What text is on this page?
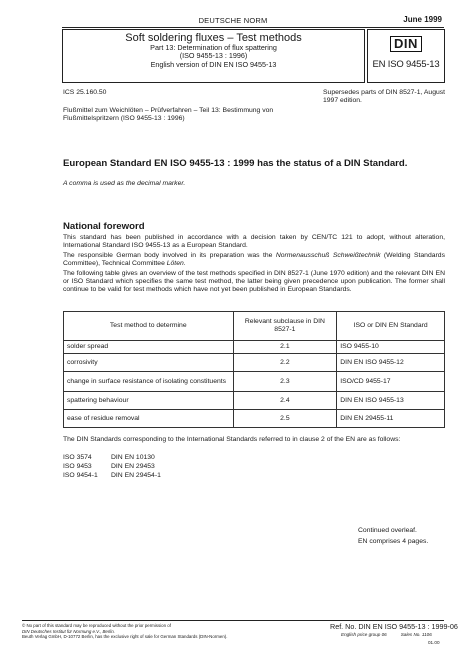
DEUTSCHE NORM	June 1999
Soft soldering fluxes – Test methods
Part 13: Determination of flux spattering
(ISO 9455-13 : 1996)
English version of DIN EN ISO 9455-13
DIN
EN ISO 9455-13
ICS 25.160.50	Supersedes parts of DIN 8527-1, August 1997 edition.
Flußmittel zum Weichlöten – Prüfverfahren – Teil 13: Bestimmung von Flußmittelspritzern (ISO 9455-13 : 1996)
European Standard EN ISO 9455-13 : 1999 has the status of a DIN Standard.
A comma is used as the decimal marker.
National foreword
This standard has been published in accordance with a decision taken by CEN/TC 121 to adopt, without alteration, International Standard ISO 9455-13 as a European Standard.
The responsible German body involved in its preparation was the Normenausschuß Schweißtechnik (Welding Standards Committee), Technical Committee Löten.
The following table gives an overview of the test methods specified in DIN 8527-1 (June 1970 edition) and the relevant DIN EN or ISO Standard which specifies the same test method, the latter being given precedence upon publication. The former shall continue to be valid for test methods which have not yet been published in European Standards.
Test method to determine	Relevant subclause in DIN 8527-1	ISO or DIN EN Standard
solder spread	2.1	ISO 9455-10
corrosivity	2.2	DIN EN ISO 9455-12
change in surface resistance of isolating constituents	2.3	ISO/CD 9455-17
spattering behaviour	2.4	DIN EN ISO 9455-13
ease of residue removal	2.5	DIN EN 29455-11
The DIN Standards corresponding to the International Standards referred to in clause 2 of the EN are as follows:
ISO 3574	DIN EN 10130
ISO 9453	DIN EN 29453
ISO 9454-1 DIN EN 29454-1
Continued overleaf.
EN comprises 4 pages.
© No part of this standard may be reproduced without the prior permission of
DIN Deutsches Institut für Normung e.V., Berlin.
Beuth Verlag GmbH, D-10772 Berlin, has the exclusive right of sale for German Standards (DIN-Normen).
Ref. No. DIN EN ISO 9455-13 : 1999-06
English price group 06	Sales No. 1106
01.00
